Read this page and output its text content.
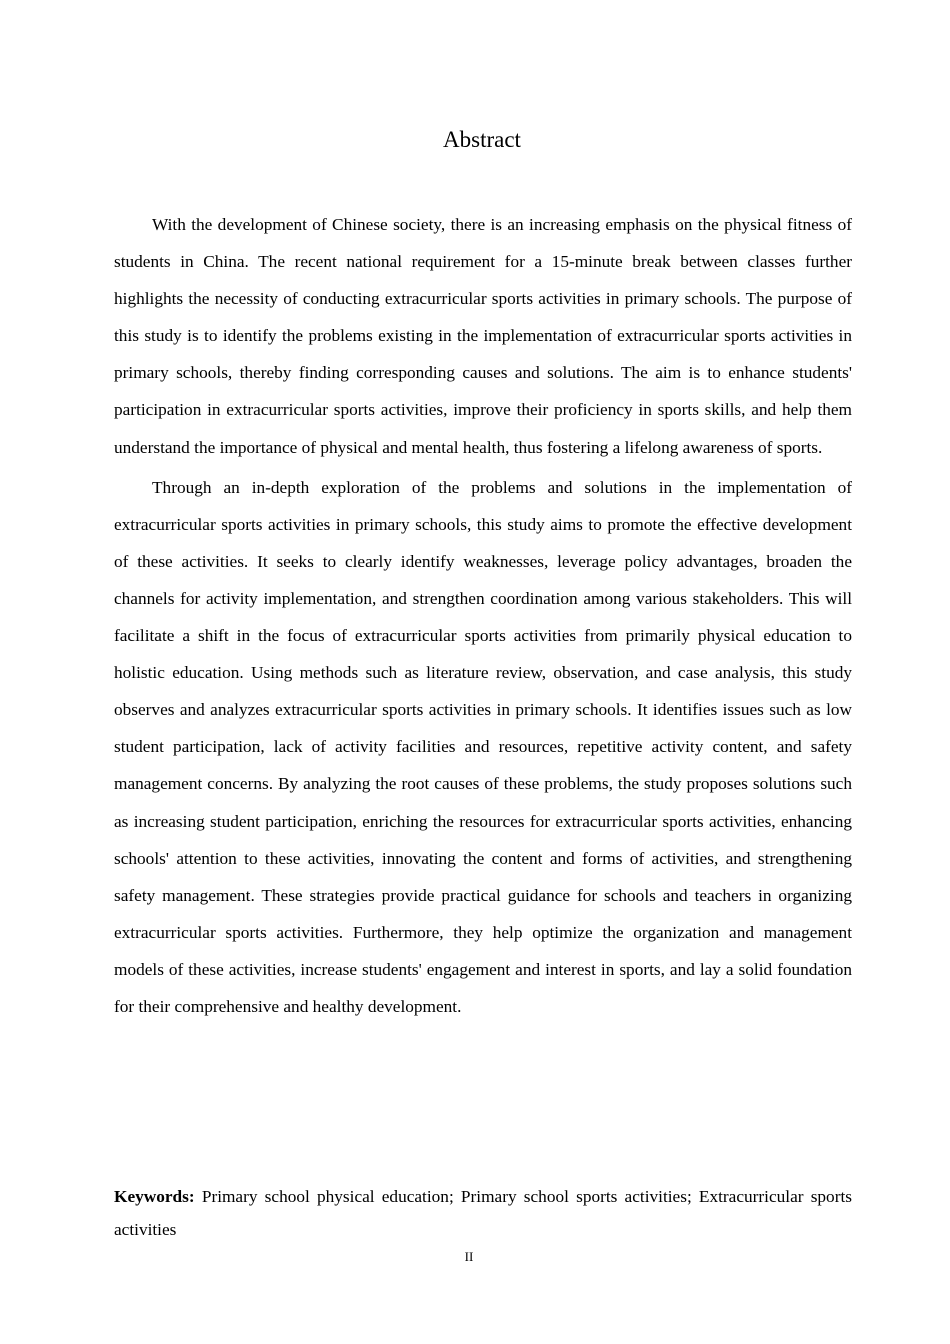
Abstract

With the development of Chinese society, there is an increasing emphasis on the physical fitness of students in China. The recent national requirement for a 15-minute break between classes further highlights the necessity of conducting extracurricular sports activities in primary schools. The purpose of this study is to identify the problems existing in the implementation of extracurricular sports activities in primary schools, thereby finding corresponding causes and solutions. The aim is to enhance students' participation in extracurricular sports activities, improve their proficiency in sports skills, and help them understand the importance of physical and mental health, thus fostering a lifelong awareness of sports.

Through an in-depth exploration of the problems and solutions in the implementation of extracurricular sports activities in primary schools, this study aims to promote the effective development of these activities. It seeks to clearly identify weaknesses, leverage policy advantages, broaden the channels for activity implementation, and strengthen coordination among various stakeholders. This will facilitate a shift in the focus of extracurricular sports activities from primarily physical education to holistic education. Using methods such as literature review, observation, and case analysis, this study observes and analyzes extracurricular sports activities in primary schools. It identifies issues such as low student participation, lack of activity facilities and resources, repetitive activity content, and safety management concerns. By analyzing the root causes of these problems, the study proposes solutions such as increasing student participation, enriching the resources for extracurricular sports activities, enhancing schools' attention to these activities, innovating the content and forms of activities, and strengthening safety management. These strategies provide practical guidance for schools and teachers in organizing extracurricular sports activities. Furthermore, they help optimize the organization and management models of these activities, increase students' engagement and interest in sports, and lay a solid foundation for their comprehensive and healthy development.

Keywords: Primary school physical education; Primary school sports activities; Extracurricular sports activities

II
